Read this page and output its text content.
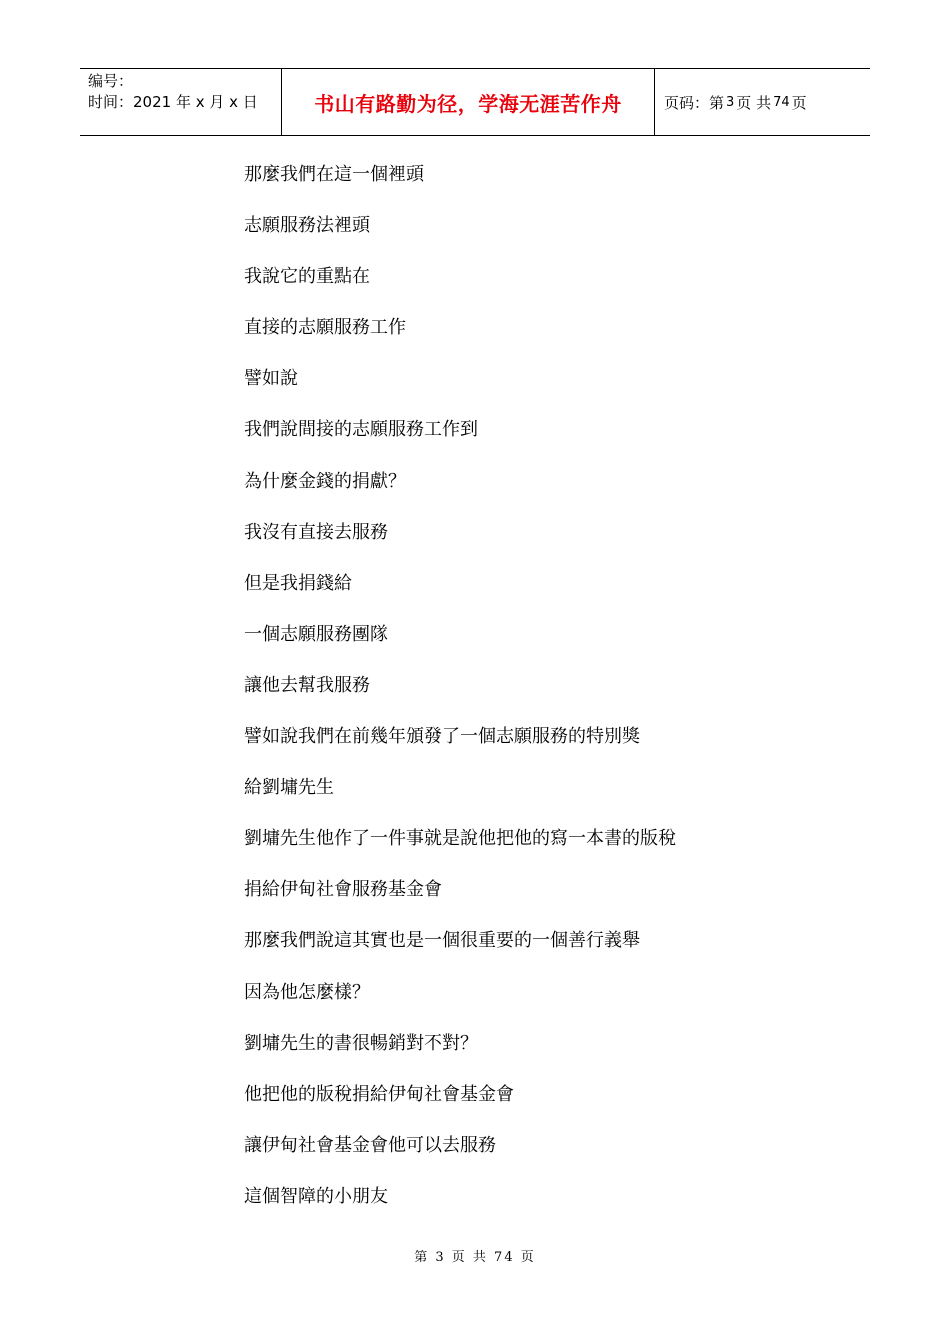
编号：
时间：2021 年 x 月 x 日	书山有路勤为径，学海无涯苦作舟	页码：第 3 页 共 74 页
那麼我們在這一個裡頭
志願服務法裡頭
我說它的重點在
直接的志願服務工作
譬如說
我們說間接的志願服務工作到
為什麼金錢的捐獻？
我沒有直接去服務
但是我捐錢給
一個志願服務團隊
讓他去幫我服務
譬如說我們在前幾年頒發了一個志願服務的特別獎
給劉墉先生
劉墉先生他作了一件事就是說他把他的寫一本書的版稅
捐給伊甸社會服務基金會
那麼我們說這其實也是一個很重要的一個善行義舉
因為他怎麼樣？
劉墉先生的書很暢銷對不對？
他把他的版稅捐給伊甸社會基金會
讓伊甸社會基金會他可以去服務
這個智障的小朋友
第 3 页 共 74 页
